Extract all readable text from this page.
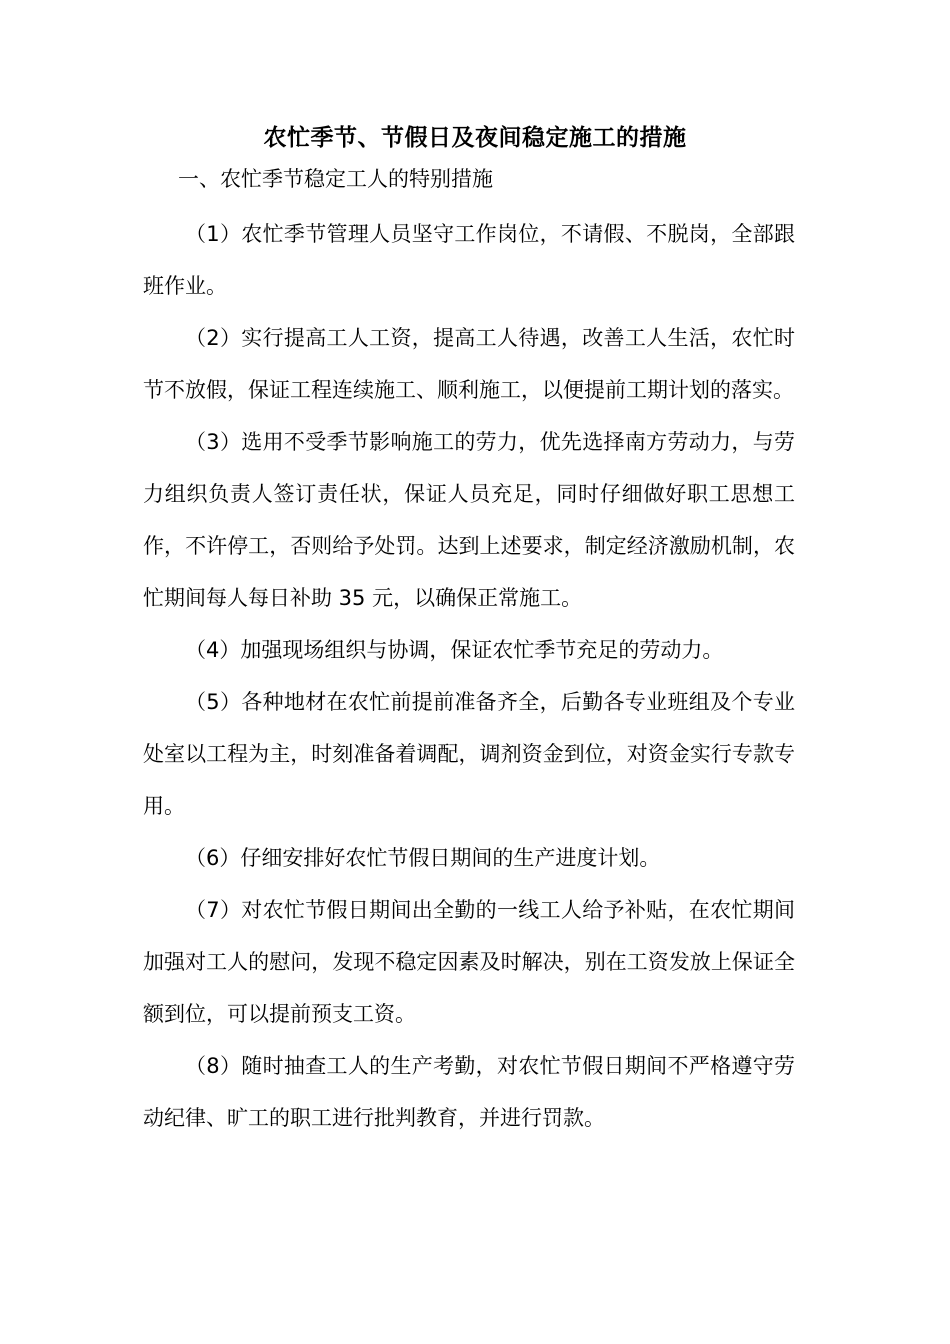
农忙季节、节假日及夜间稳定施工的措施
一、农忙季节稳定工人的特别措施

（1）农忙季节管理人员坚守工作岗位，不请假、不脱岗，全部跟班作业。

（2）实行提高工人工资，提高工人待遇，改善工人生活，农忙时节不放假，保证工程连续施工、顺利施工，以便提前工期计划的落实。

（3）选用不受季节影响施工的劳力，优先选择南方劳动力，与劳力组织负责人签订责任状，保证人员充足，同时仔细做好职工思想工作，不许停工，否则给予处罚。达到上述要求，制定经济激励机制，农忙期间每人每日补助 35 元，以确保正常施工。

（4）加强现场组织与协调，保证农忙季节充足的劳动力。

（5）各种地材在农忙前提前准备齐全，后勤各专业班组及个专业处室以工程为主，时刻准备着调配，调剂资金到位，对资金实行专款专用。

（6）仔细安排好农忙节假日期间的生产进度计划。

（7）对农忙节假日期间出全勤的一线工人给予补贴，在农忙期间加强对工人的慰问，发现不稳定因素及时解决，别在工资发放上保证全额到位，可以提前预支工资。

（8）随时抽查工人的生产考勤，对农忙节假日期间不严格遵守劳动纪律、旷工的职工进行批判教育，并进行罚款。
